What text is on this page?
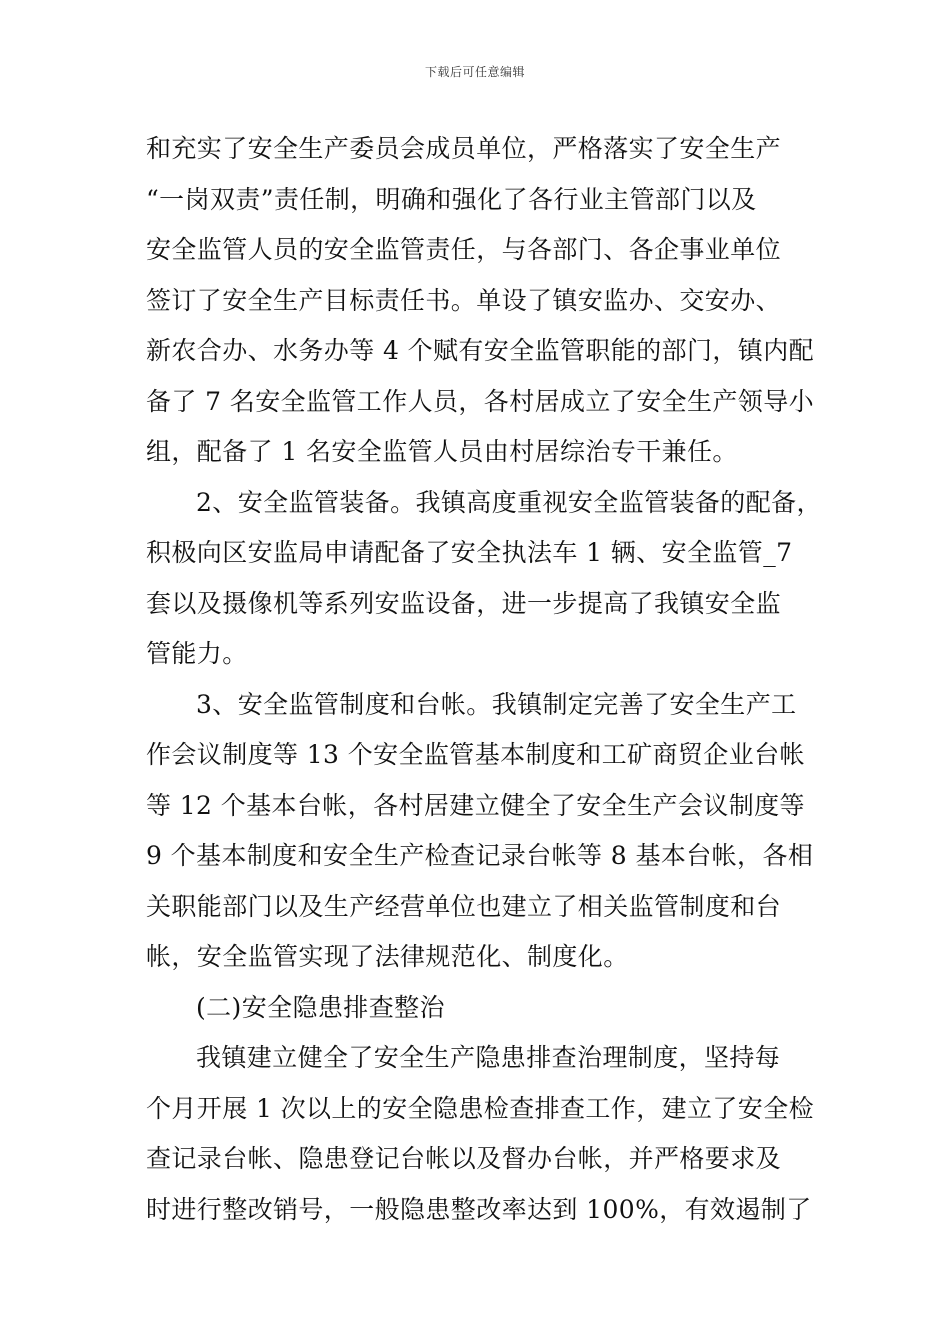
下载后可任意编辑
和充实了安全生产委员会成员单位，严格落实了安全生产
“一岗双责”责任制，明确和强化了各行业主管部门以及
安全监管人员的安全监管责任，与各部门、各企事业单位
签订了安全生产目标责任书。单设了镇安监办、交安办、
新农合办、水务办等 4 个赋有安全监管职能的部门，镇内配
备了 7 名安全监管工作人员，各村居成立了安全生产领导小
组，配备了 1 名安全监管人员由村居综治专干兼任。
2、安全监管装备。我镇高度重视安全监管装备的配备，
积极向区安监局申请配备了安全执法车 1 辆、安全监管_7
套以及摄像机等系列安监设备，进一步提高了我镇安全监
管能力。
3、安全监管制度和台帐。我镇制定完善了安全生产工
作会议制度等 13 个安全监管基本制度和工矿商贸企业台帐
等 12 个基本台帐，各村居建立健全了安全生产会议制度等
9 个基本制度和安全生产检查记录台帐等 8 基本台帐，各相
关职能部门以及生产经营单位也建立了相关监管制度和台
帐，安全监管实现了法律规范化、制度化。
(二)安全隐患排查整治
我镇建立健全了安全生产隐患排查治理制度，坚持每
个月开展 1 次以上的安全隐患检查排查工作，建立了安全检
查记录台帐、隐患登记台帐以及督办台帐，并严格要求及
时进行整改销号，一般隐患整改率达到 100%，有效遏制了
